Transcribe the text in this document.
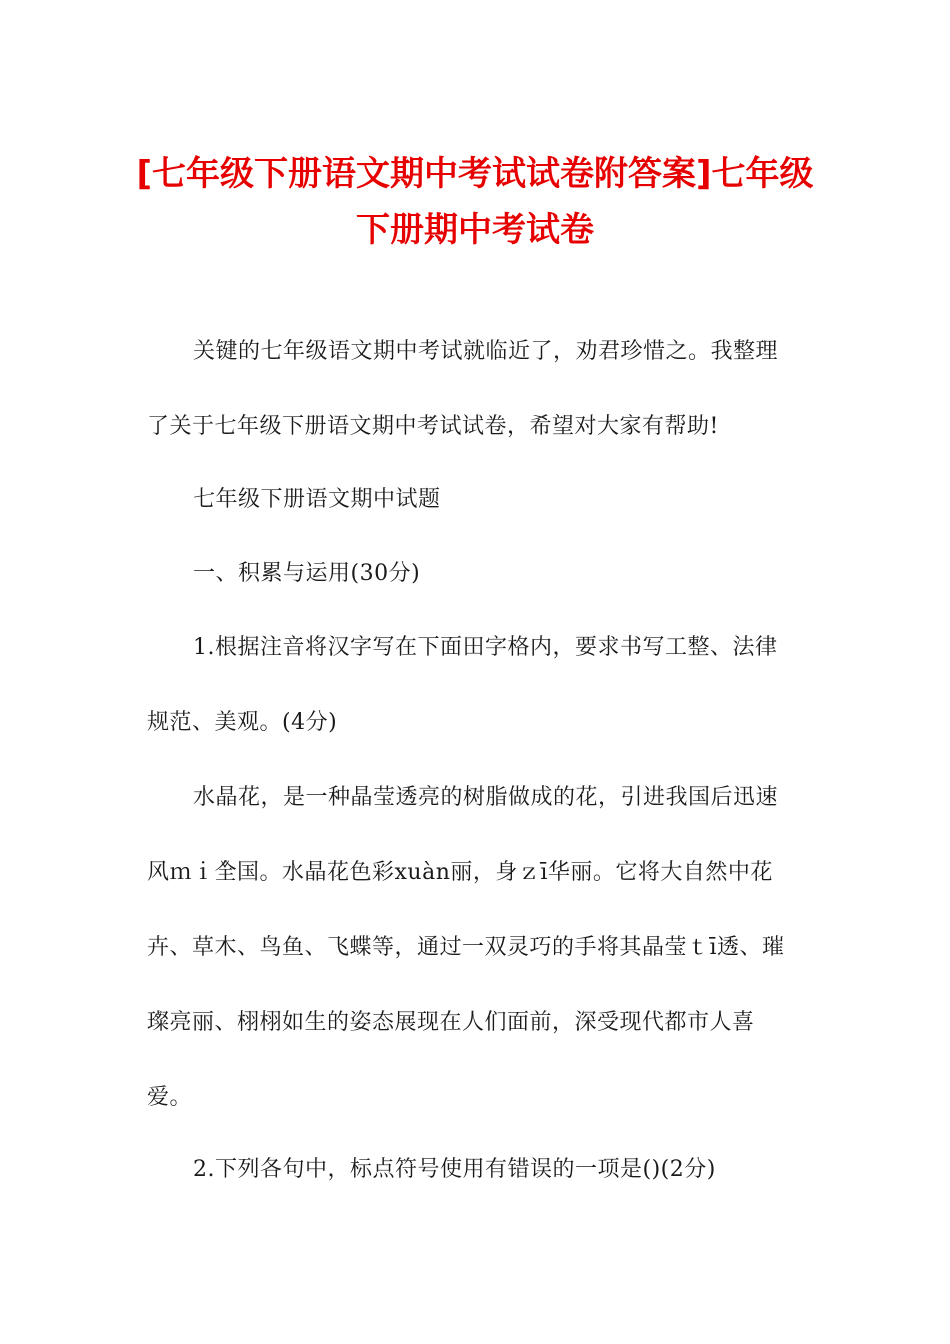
[七年级下册语文期中考试试卷附答案]七年级下册期中考试卷

关键的七年级语文期中考试就临近了，劝君珍惜之。我整理了关于七年级下册语文期中考试试卷，希望对大家有帮助!

七年级下册语文期中试题

一、积累与运用(30分)

1.根据注音将汉字写在下面田字格内，要求书写工整、法律规范、美观。(4分)

水晶花，是一种晶莹透亮的树脂做成的花，引进我国后迅速风ｍｉ̌全国。水晶花色彩xuàn丽，身ｚī华丽。它将大自然中花卉、草木、鸟鱼、飞蝶等，通过一双灵巧的手将其晶莹ｔī透、璀璨亮丽、栩栩如生的姿态展现在人们面前，深受现代都市人喜爱。

2.下列各句中，标点符号使用有错误的一项是()(2分)
